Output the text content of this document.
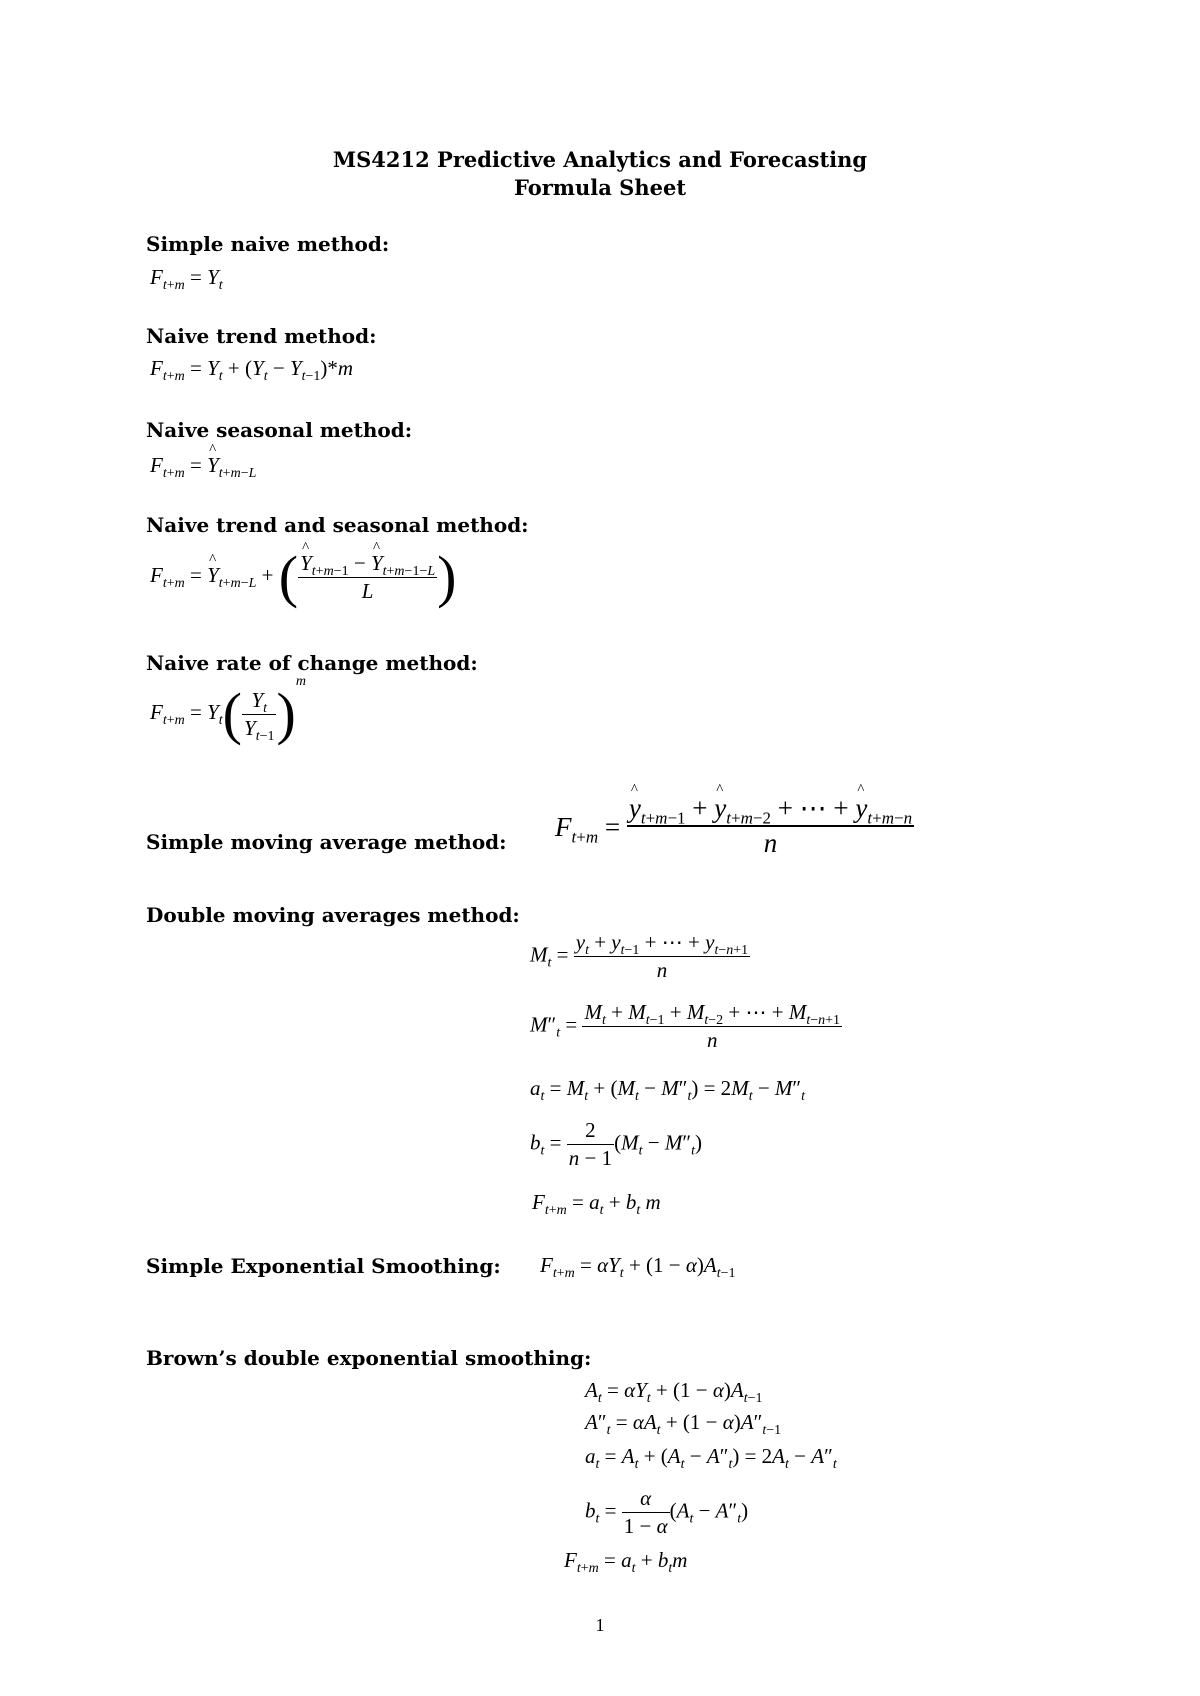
MS4212 Predictive Analytics and Forecasting
Formula Sheet
Simple naive method:
$F_{t+m} = Y_t$
Naive trend method:
$F_{t+m} = Y_t + (Y_t - Y_{t-1})*m$
Naive seasonal method:
$F_{t+m} = Y$ $\^{}_{t+m-L}$
Naive trend and seasonal method:
$F_{t+m} = Y$ $\^{}_{t+m-L}$ + ( $\frac{Y \^{}_{t+m-1} - Y \^{}_{t+m-1-L}}{L}$ )
Naive rate of change method:
$F_{t+m} = Y_t( \frac{Y_t}{Y_{t-1}} )^m$
Simple moving average method: $F_{t+m} = \frac{y \^{}_{t+m-1} + y \^{}_{t+m-2} + \cdots + y \^{}_{t+m-n}}{n}$
Double moving averages method:
$M_t = \frac{y_t + y_{t-1} + \cdots + y_{t-n+1}}{n}$
$M''_t = \frac{M_t + M_{t-1} + M_{t-2} + \cdots + M_{t-n+1}}{n}$
$a_t = M_t + (M_t - M''_t) = 2M_t - M''_t$
$b_t = \frac{2}{n - 1} (M_t - M''_t)$
$F_{t+m} = a_t + b_t$ m
Simple Exponential Smoothing: $F_{t+m} = \alpha Y_t + (1 - \alpha)A_{t-1}$
Brown’s double exponential smoothing:
$A_t = \alpha Y_t + (1 - \alpha)A_{t-1}$
$A''_t = \alpha A_t + (1 - \alpha)A''_{t-1}$
$a_t = A_t + (A_t - A''_t) = 2A_t - A''_t$
$b_t = \frac{\alpha}{1 - \alpha} (A_t - A''_t)$
$F_{t+m} = a_t + b_tm$
1
